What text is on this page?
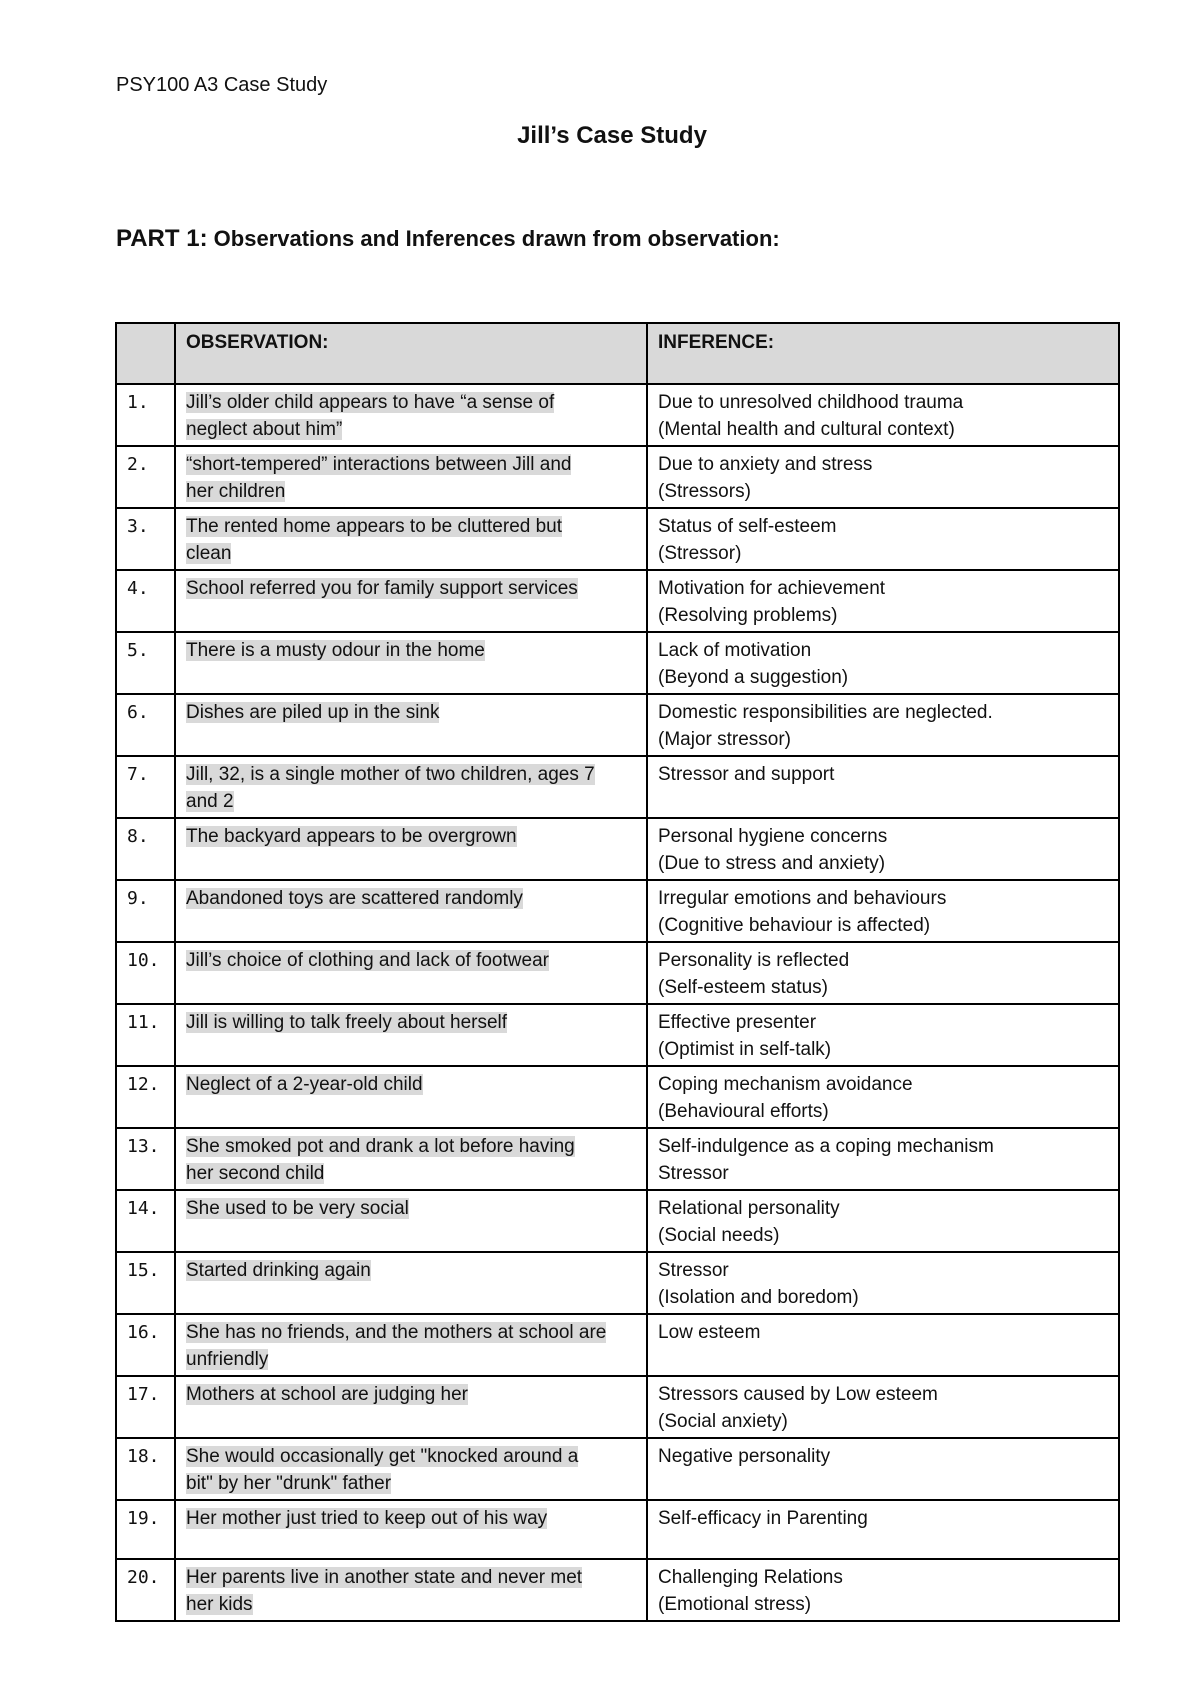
PSY100 A3 Case Study
Jill’s Case Study
PART 1: Observations and Inferences drawn from observation:
	OBSERVATION:	INFERENCE:
1.	Jill’s older child appears to have “a sense of
neglect about him”	Due to unresolved childhood trauma
(Mental health and cultural context)

2.	“short-tempered” interactions between Jill and
her children	Due to anxiety and stress
(Stressors)

3.	The rented home appears to be cluttered but
clean	Status of self-esteem
(Stressor)

4.	School referred you for family support services	Motivation for achievement
(Resolving problems)

5.	There is a musty odour in the home	Lack of motivation
(Beyond a suggestion)

6.	Dishes are piled up in the sink	Domestic responsibilities are neglected.
(Major stressor)

7.	Jill, 32, is a single mother of two children, ages 7
and 2	Stressor and support

8.	The backyard appears to be overgrown	Personal hygiene concerns
(Due to stress and anxiety)

9.	Abandoned toys are scattered randomly	Irregular emotions and behaviours
(Cognitive behaviour is affected)

10.	Jill’s choice of clothing and lack of footwear	Personality is reflected
(Self-esteem status)

11.	Jill is willing to talk freely about herself	Effective presenter
(Optimist in self-talk)

12.	Neglect of a 2-year-old child	Coping mechanism avoidance
(Behavioural efforts)

13.	She smoked pot and drank a lot before having
her second child	Self-indulgence as a coping mechanism
Stressor

14.	She used to be very social	Relational personality
(Social needs)

15.	Started drinking again	Stressor
(Isolation and boredom)

16.	She has no friends, and the mothers at school are
unfriendly	Low esteem

17.	Mothers at school are judging her	Stressors caused by Low esteem
(Social anxiety)

18.	She would occasionally get "knocked around a
bit" by her "drunk" father	Negative personality

19.	Her mother just tried to keep out of his way	Self-efficacy in Parenting

20.	Her parents live in another state and never met
her kids	Challenging Relations
(Emotional stress)
